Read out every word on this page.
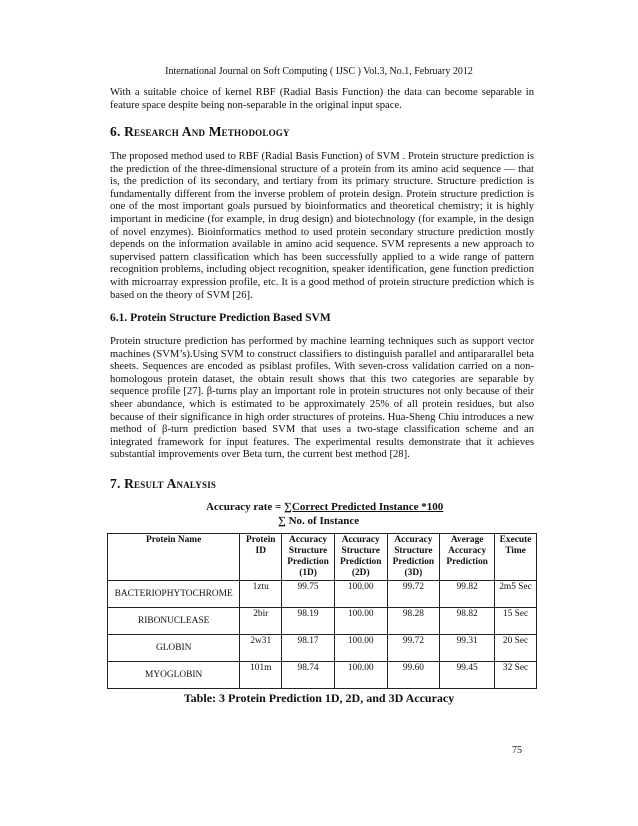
International Journal on Soft Computing ( IJSC ) Vol.3, No.1, February 2012

With a suitable choice of kernel RBF (Radial Basis Function) the data can become separable in feature space despite being non-separable in the original input space.

6. Research And Methodology

The proposed method used to RBF (Radial Basis Function) of SVM . Protein structure prediction is the prediction of the three-dimensional structure of a protein from its amino acid sequence — that is, the prediction of its secondary, and tertiary from its primary structure. Structure prediction is fundamentally different from the inverse problem of protein design. Protein structure prediction is one of the most important goals pursued by bioinformatics and theoretical chemistry; it is highly important in medicine (for example, in drug design) and biotechnology (for example, in the design of novel enzymes). Bioinformatics method to used protein secondary structure prediction mostly depends on the information available in amino acid sequence. SVM represents a new approach to supervised pattern classification which has been successfully applied to a wide range of pattern recognition problems, including object recognition, speaker identification, gene function prediction with microarray expression profile, etc. It is a good method of protein structure prediction which is based on the theory of SVM [26].

6.1. Protein Structure Prediction Based SVM

Protein structure prediction has performed by machine learning techniques such as support vector machines (SVM’s).Using SVM to construct classifiers to distinguish parallel and antipararallel beta sheets. Sequences are encoded as psiblast profiles. With seven-cross validation carried on a non-homologous protein dataset, the obtain result shows that this two categories are separable by sequence profile [27]. β-turns play an important role in protein structures not only because of their sheer abundance, which is estimated to be approximately 25% of all protein residues, but also because of their significance in high order structures of proteins. Hua-Sheng Chiu introduces a new method of β-turn prediction based SVM that uses a two-stage classification scheme and an integrated framework for input features. The experimental results demonstrate that it achieves substantial improvements over Beta turn, the current best method [28].

7. Result Analysis
Accuracy rate = ∑Correct Predicted Instance *100
∑ No. of Instance
Protein Name	Protein ID	Accuracy Structure Prediction (1D)	Accuracy Structure Prediction (2D)	Accuracy Structure Prediction (3D)	Average Accuracy Prediction	Execute Time
BACTERIOPHYTOCHROME	1ztu	99.75	100.00	99.72	99.82	2m5 Sec
RIBONUCLEASE	2bir	98.19	100.00	98.28	98.82	15 Sec
GLOBIN	2w31	98.17	100.00	99.72	99.31	20 Sec
MYOGLOBIN	101m	98.74	100.00	99.60	99.45	32 Sec
Table: 3 Protein Prediction 1D, 2D, and 3D Accuracy
75
